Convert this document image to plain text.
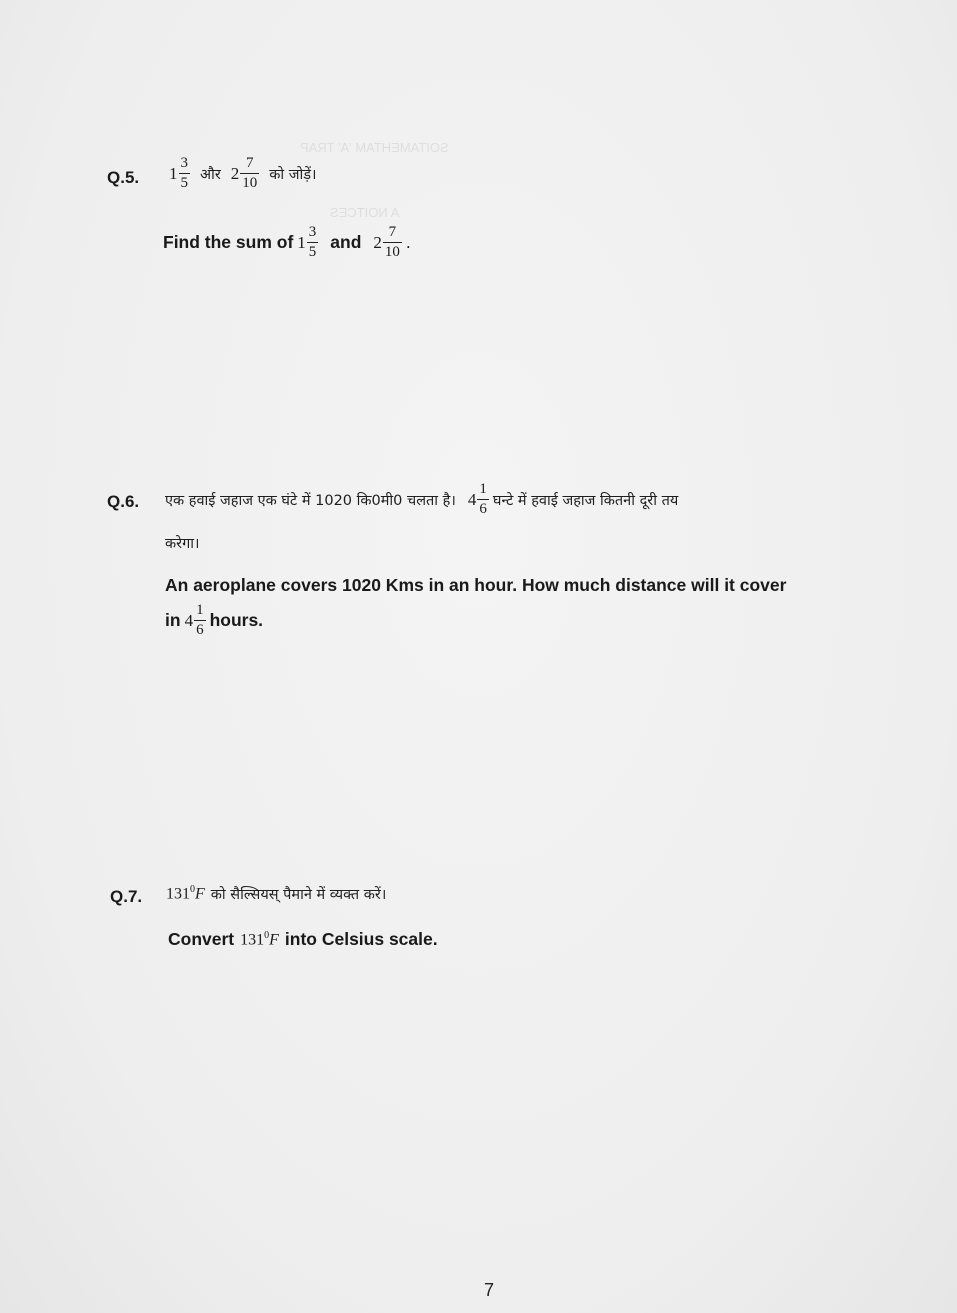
SOITAMEHTAM 'A' TRAP
A NOITCES
Q.5. $1 \frac{3}{5}$ और $2 \frac{7}{10}$ को जोड़ें।
Find the sum of $1 \frac{3}{5}$ and $2 \frac{7}{10}$ .
Q.6. एक हवाई जहाज एक घंटे में 1020 कि0मी0 चलता है। $4 \frac{1}{6}$ घन्टे में हवाई जहाज कितनी दूरी तय
करेगा।
An aeroplane covers 1020 Kms in an hour. How much distance will it cover
in $4 \frac{1}{6}$ hours.
Q.7. $131^0F$ को सैल्सियस् पैमाने में व्यक्त करें।
Convert $131^0F$ into Celsius scale.
7
